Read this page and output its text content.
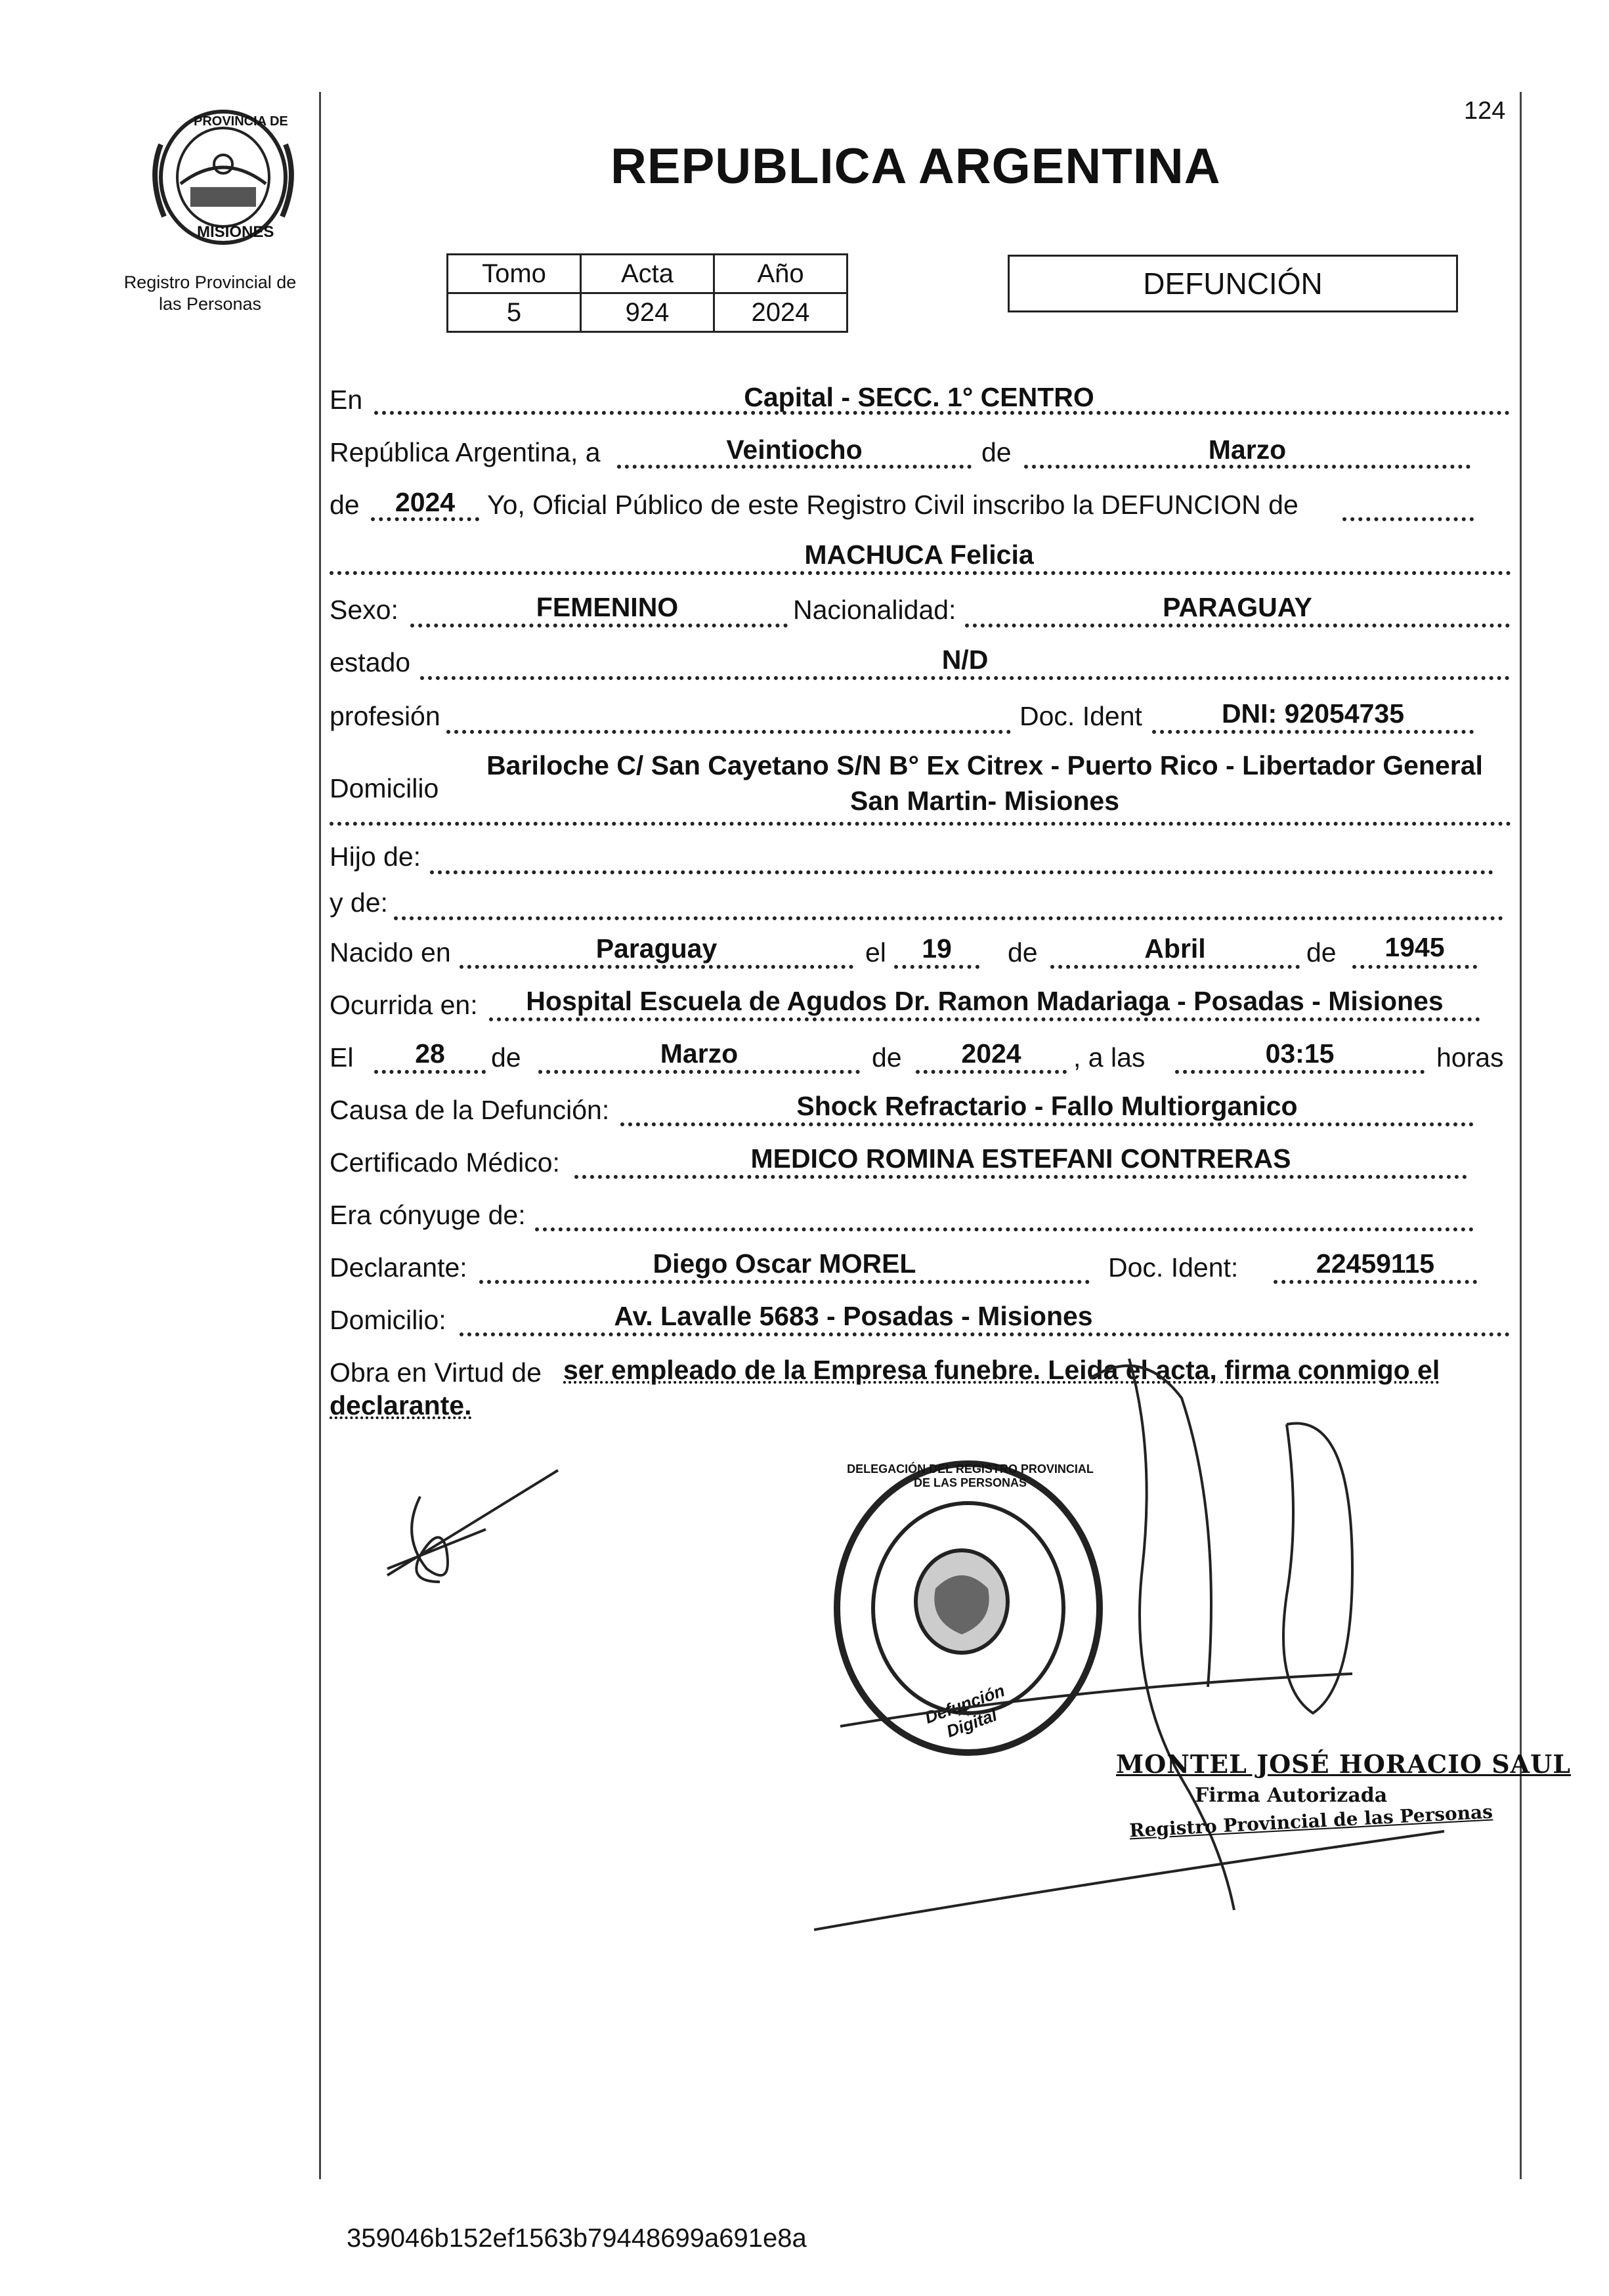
PROVINCIA DE
MISIONES
Registro Provincial de
las Personas
124
REPUBLICA ARGENTINA
Tomo	Acta	Año
5	924	2024
DEFUNCIÓN
En	Capital - SECC. 1° CENTRO
República Argentina, a	Veintiocho	de	Marzo
de	2024	Yo, Oficial Público de este Registro Civil inscribo la DEFUNCION de
MACHUCA Felicia
Sexo:	FEMENINO	Nacionalidad:	PARAGUAY
estado	N/D
profesión	Doc. Ident	DNI: 92054735
Domicilio
Bariloche C/ San Cayetano S/N B° Ex Citrex - Puerto Rico - Libertador General
San Martin- Misiones
Hijo de:
y de:
Nacido en	Paraguay	el	19	de	Abril	de	1945
Ocurrida en:	Hospital Escuela de Agudos Dr. Ramon Madariaga - Posadas - Misiones
El	28	de	Marzo	de	2024	, a las	03:15	horas
Causa de la Defunción:	Shock Refractario - Fallo Multiorganico
Certificado Médico:	MEDICO ROMINA ESTEFANI CONTRERAS
Era cónyuge de:
Declarante:	Diego Oscar MOREL	Doc. Ident:	22459115
Domicilio:	Av. Lavalle 5683 - Posadas - Misiones
Obra en Virtud de ser empleado de la Empresa funebre. Leida el acta, firma conmigo el
declarante.
DELEGACIÓN DEL REGISTRO PROVINCIAL DE LAS PERSONAS
Defunción Digital
MONTEL JOSÉ HORACIO SAUL
Firma Autorizada
Registro Provincial de las Personas
359046b152ef1563b79448699a691e8a
